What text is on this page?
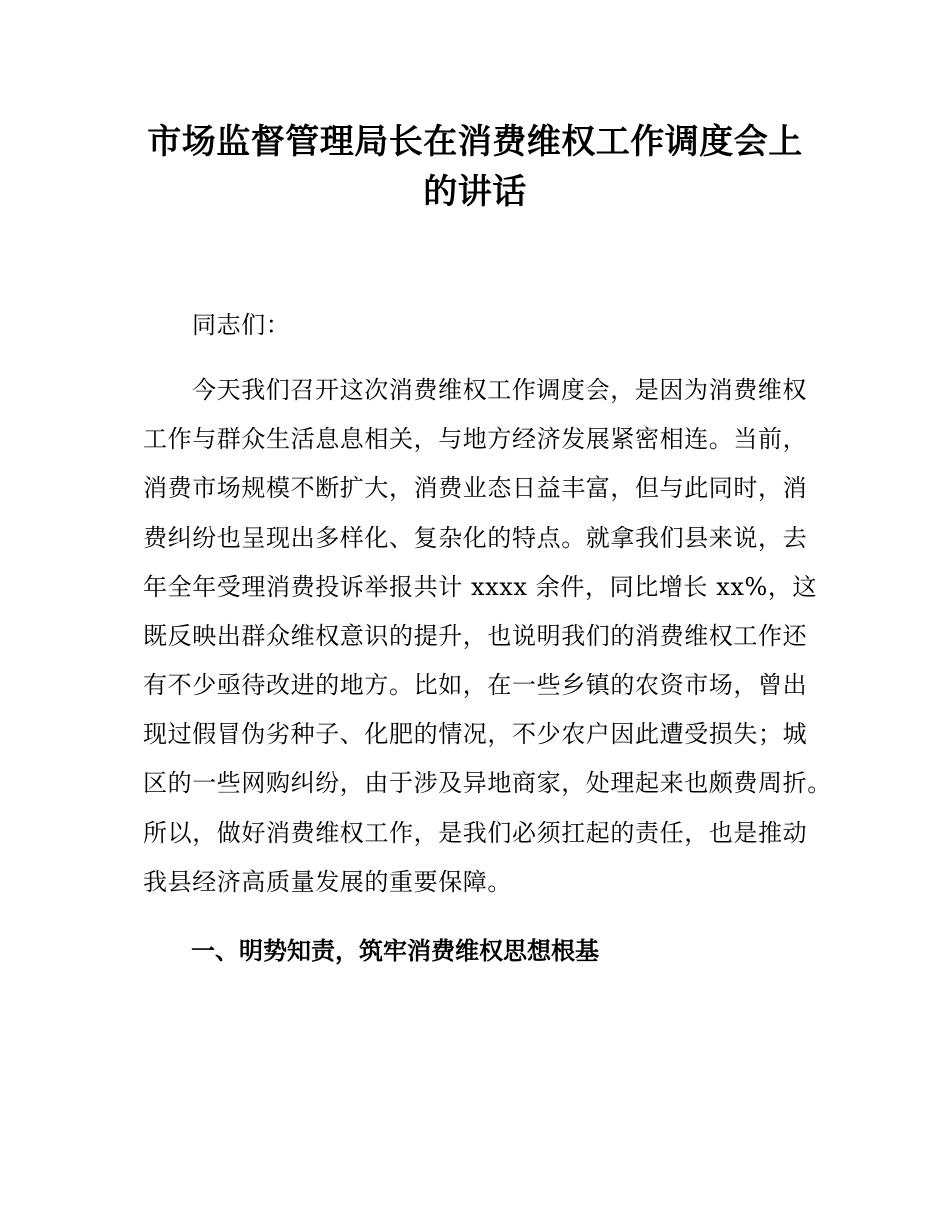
市场监督管理局长在消费维权工作调度会上
的讲话
同志们：
今天我们召开这次消费维权工作调度会，是因为消费维权
工作与群众生活息息相关，与地方经济发展紧密相连。当前，
消费市场规模不断扩大，消费业态日益丰富，但与此同时，消
费纠纷也呈现出多样化、复杂化的特点。就拿我们县来说，去
年全年受理消费投诉举报共计 xxxx 余件，同比增长 xx%，这
既反映出群众维权意识的提升，也说明我们的消费维权工作还
有不少亟待改进的地方。比如，在一些乡镇的农资市场，曾出
现过假冒伪劣种子、化肥的情况，不少农户因此遭受损失；城
区的一些网购纠纷，由于涉及异地商家，处理起来也颇费周折。
所以，做好消费维权工作，是我们必须扛起的责任，也是推动
我县经济高质量发展的重要保障。
一、明势知责，筑牢消费维权思想根基
